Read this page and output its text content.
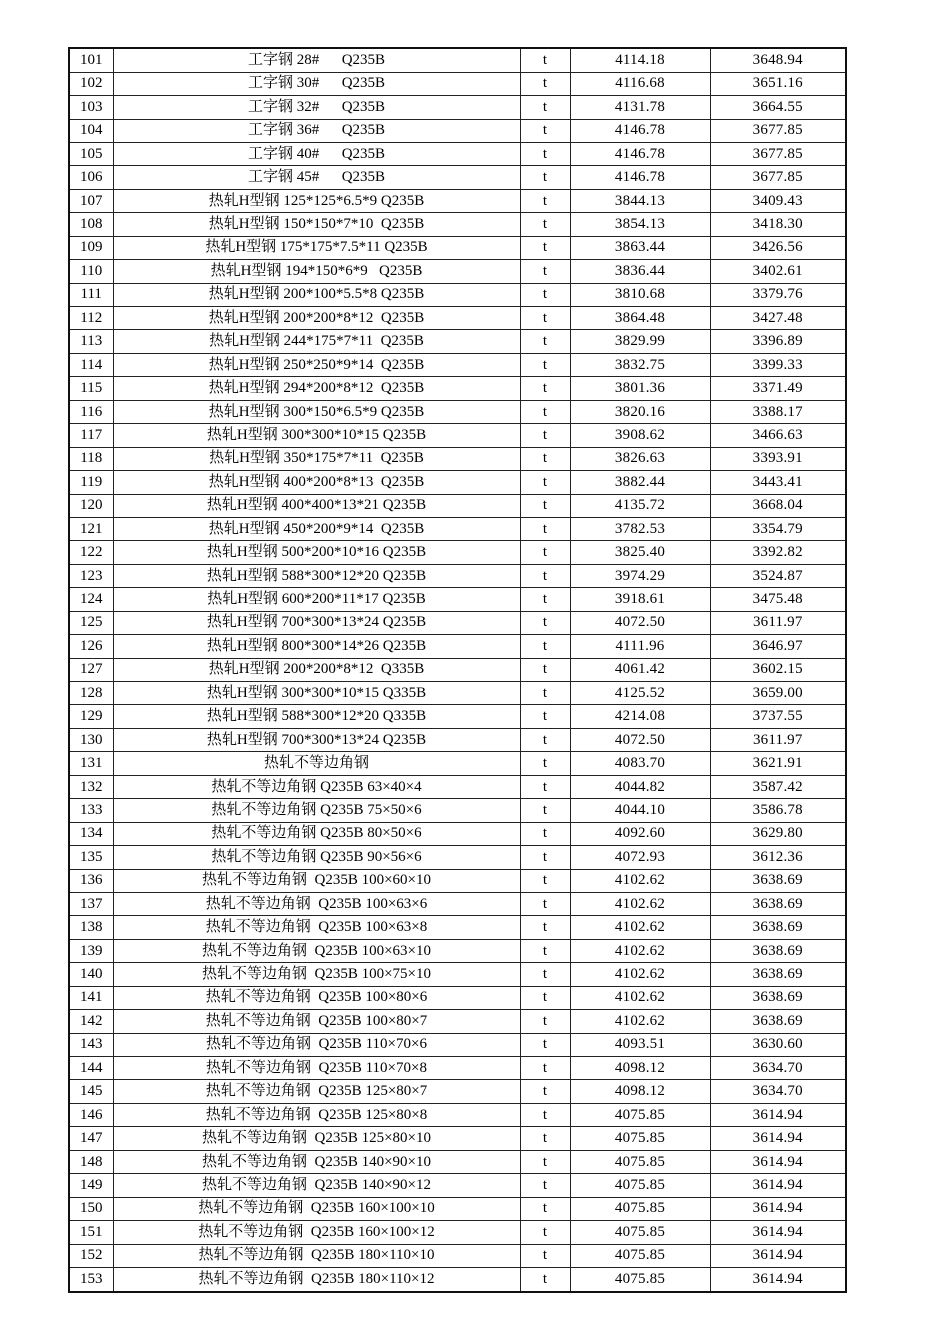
101	工字钢 28#      Q235B	t	4114.18	3648.94
102	工字钢 30#      Q235B	t	4116.68	3651.16
103	工字钢 32#      Q235B	t	4131.78	3664.55
104	工字钢 36#      Q235B	t	4146.78	3677.85
105	工字钢 40#      Q235B	t	4146.78	3677.85
106	工字钢 45#      Q235B	t	4146.78	3677.85
107	热轧H型钢 125*125*6.5*9 Q235B	t	3844.13	3409.43
108	热轧H型钢 150*150*7*10  Q235B	t	3854.13	3418.30
109	热轧H型钢 175*175*7.5*11 Q235B	t	3863.44	3426.56
110	热轧H型钢 194*150*6*9   Q235B	t	3836.44	3402.61
111	热轧H型钢 200*100*5.5*8 Q235B	t	3810.68	3379.76
112	热轧H型钢 200*200*8*12  Q235B	t	3864.48	3427.48
113	热轧H型钢 244*175*7*11  Q235B	t	3829.99	3396.89
114	热轧H型钢 250*250*9*14  Q235B	t	3832.75	3399.33
115	热轧H型钢 294*200*8*12  Q235B	t	3801.36	3371.49
116	热轧H型钢 300*150*6.5*9 Q235B	t	3820.16	3388.17
117	热轧H型钢 300*300*10*15 Q235B	t	3908.62	3466.63
118	热轧H型钢 350*175*7*11  Q235B	t	3826.63	3393.91
119	热轧H型钢 400*200*8*13  Q235B	t	3882.44	3443.41
120	热轧H型钢 400*400*13*21 Q235B	t	4135.72	3668.04
121	热轧H型钢 450*200*9*14  Q235B	t	3782.53	3354.79
122	热轧H型钢 500*200*10*16 Q235B	t	3825.40	3392.82
123	热轧H型钢 588*300*12*20 Q235B	t	3974.29	3524.87
124	热轧H型钢 600*200*11*17 Q235B	t	3918.61	3475.48
125	热轧H型钢 700*300*13*24 Q235B	t	4072.50	3611.97
126	热轧H型钢 800*300*14*26 Q235B	t	4111.96	3646.97
127	热轧H型钢 200*200*8*12  Q335B	t	4061.42	3602.15
128	热轧H型钢 300*300*10*15 Q335B	t	4125.52	3659.00
129	热轧H型钢 588*300*12*20 Q335B	t	4214.08	3737.55
130	热轧H型钢 700*300*13*24 Q235B	t	4072.50	3611.97
131	热轧不等边角钢	t	4083.70	3621.91
132	热轧不等边角钢 Q235B 63×40×4	t	4044.82	3587.42
133	热轧不等边角钢 Q235B 75×50×6	t	4044.10	3586.78
134	热轧不等边角钢 Q235B 80×50×6	t	4092.60	3629.80
135	热轧不等边角钢 Q235B 90×56×6	t	4072.93	3612.36
136	热轧不等边角钢  Q235B 100×60×10	t	4102.62	3638.69
137	热轧不等边角钢  Q235B 100×63×6	t	4102.62	3638.69
138	热轧不等边角钢  Q235B 100×63×8	t	4102.62	3638.69
139	热轧不等边角钢  Q235B 100×63×10	t	4102.62	3638.69
140	热轧不等边角钢  Q235B 100×75×10	t	4102.62	3638.69
141	热轧不等边角钢  Q235B 100×80×6	t	4102.62	3638.69
142	热轧不等边角钢  Q235B 100×80×7	t	4102.62	3638.69
143	热轧不等边角钢  Q235B 110×70×6	t	4093.51	3630.60
144	热轧不等边角钢  Q235B 110×70×8	t	4098.12	3634.70
145	热轧不等边角钢  Q235B 125×80×7	t	4098.12	3634.70
146	热轧不等边角钢  Q235B 125×80×8	t	4075.85	3614.94
147	热轧不等边角钢  Q235B 125×80×10	t	4075.85	3614.94
148	热轧不等边角钢  Q235B 140×90×10	t	4075.85	3614.94
149	热轧不等边角钢  Q235B 140×90×12	t	4075.85	3614.94
150	热轧不等边角钢  Q235B 160×100×10	t	4075.85	3614.94
151	热轧不等边角钢  Q235B 160×100×12	t	4075.85	3614.94
152	热轧不等边角钢  Q235B 180×110×10	t	4075.85	3614.94
153	热轧不等边角钢  Q235B 180×110×12	t	4075.85	3614.94
